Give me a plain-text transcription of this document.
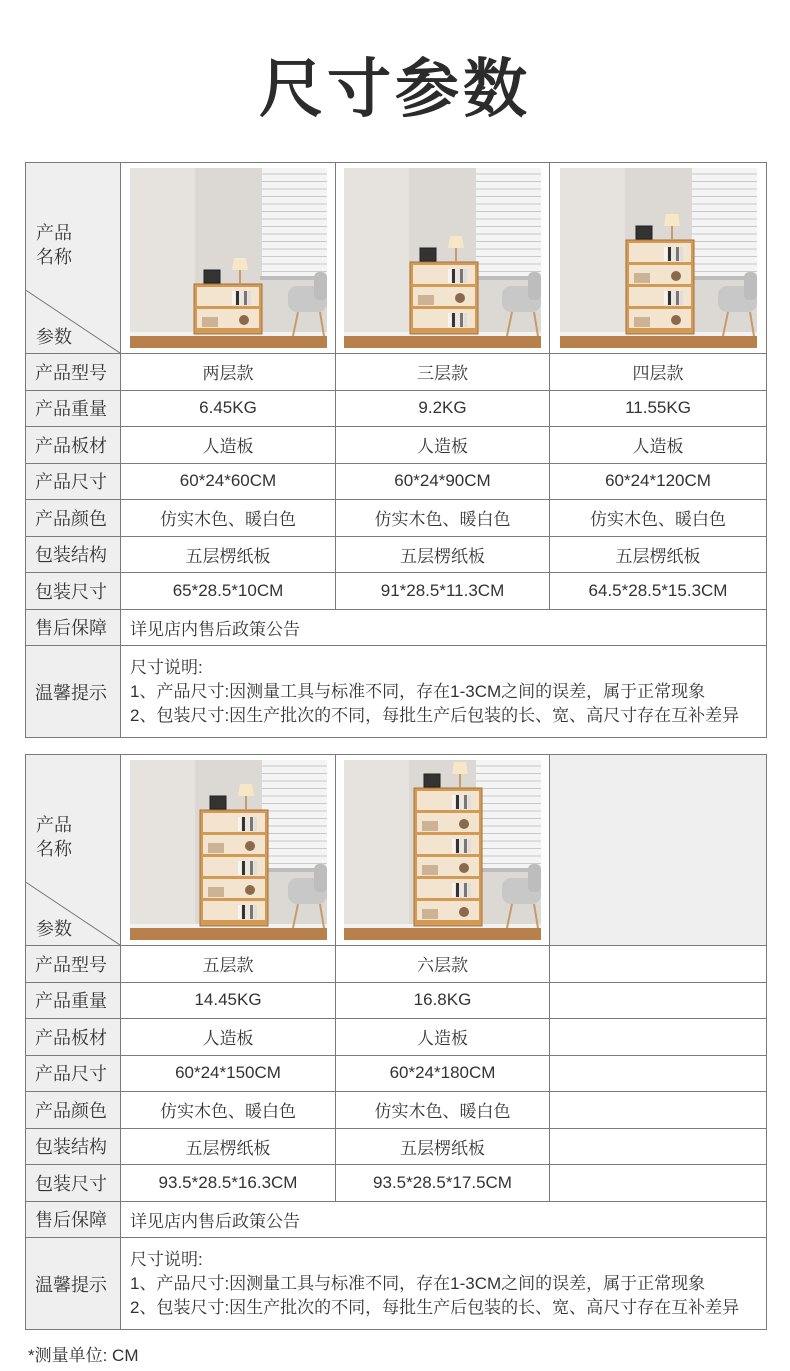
尺寸参数
产品
名称
参数

产品型号	两层款	三层款	四层款
产品重量	6.45KG	9.2KG	11.55KG
产品板材	人造板	人造板	人造板
产品尺寸	60*24*60CM	60*24*90CM	60*24*120CM
产品颜色	仿实木色、暖白色	仿实木色、暖白色	仿实木色、暖白色
包装结构	五层楞纸板	五层楞纸板	五层楞纸板
包装尺寸	65*28.5*10CM	91*28.5*11.3CM	64.5*28.5*15.3CM
售后保障	详见店内售后政策公告		
温馨提示	尺寸说明:
1、产品尺寸:因测量工具与标准不同，存在1-3CM之间的误差，属于正常现象
2、包装尺寸:因生产批次的不同，每批生产后包装的长、宽、高尺寸存在互补差异		
产品
名称
参数

产品型号	五层款	六层款	
产品重量	14.45KG	16.8KG	
产品板材	人造板	人造板	
产品尺寸	60*24*150CM	60*24*180CM	
产品颜色	仿实木色、暖白色	仿实木色、暖白色	
包装结构	五层楞纸板	五层楞纸板	
包装尺寸	93.5*28.5*16.3CM	93.5*28.5*17.5CM	
售后保障	详见店内售后政策公告		
温馨提示	尺寸说明:
1、产品尺寸:因测量工具与标准不同，存在1-3CM之间的误差，属于正常现象
2、包装尺寸:因生产批次的不同，每批生产后包装的长、宽、高尺寸存在互补差异		
*测量单位: CM
